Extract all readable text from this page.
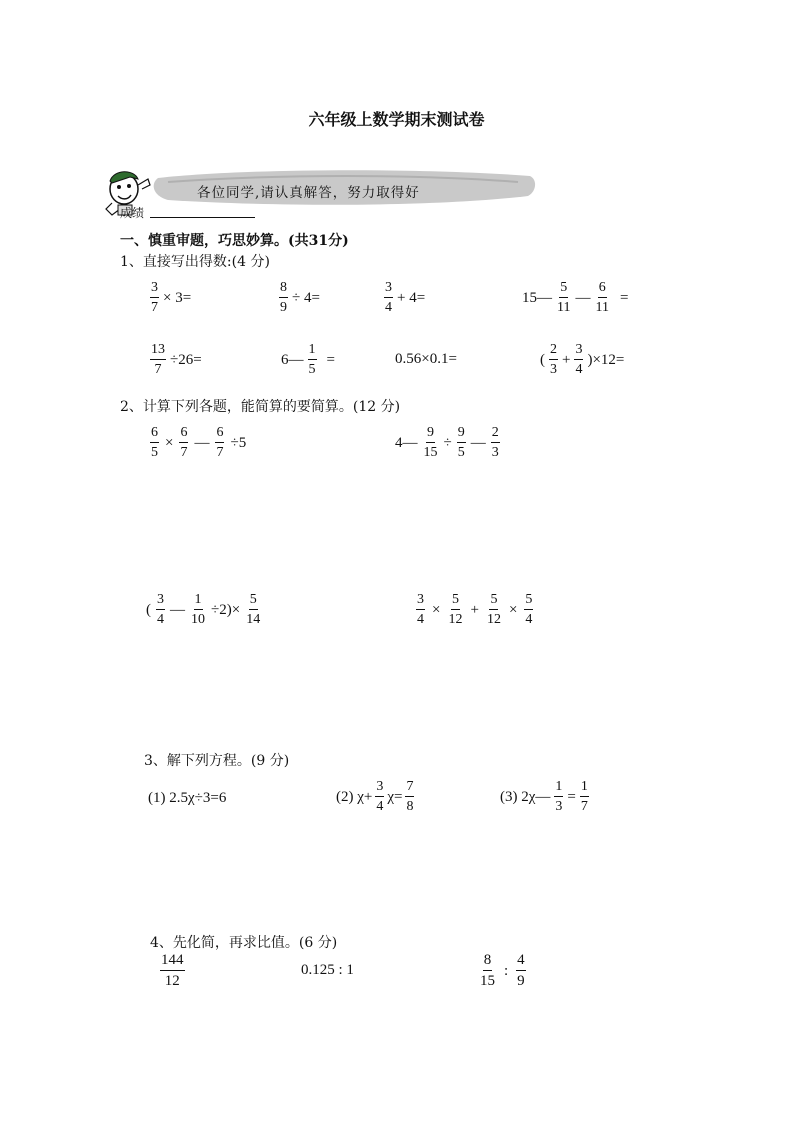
六年级上数学期末测试卷
各位同学,请认真解答，努力取得好
成绩
一、慎重审题，巧思妙算。(共31分)
1、直接写出得数:(4 分)
$\frac{3}{7} \times 3=$	$\frac{8}{9} \div 4=$	$\frac{3}{4} + 4=$	15— $\frac{5}{11}$ — $\frac{6}{11}$ =
$\frac{13}{7} \div 26=$	6— $\frac{1}{5}$ =	0.56×0.1=	( $\frac{2}{3} + \frac{3}{4} )\times 12=$
2、计算下列各题，能简算的要简算。(12 分)
$\frac{6}{5} \times \frac{6}{7}$ — $\frac{6}{7} \div 5$	4— $\frac{9}{15} \div \frac{9}{5}$ — $\frac{2}{3}$
( $\frac{3}{4}$ — $\frac{1}{10} \div 2)\times \frac{5}{14}$	$\frac{3}{4} \times \frac{5}{12} + \frac{5}{12} \times \frac{5}{4}$
3、解下列方程。(9 分)
(1) 2.5χ÷3=6	(2) $\chi+ \frac{3}{4} \chi= \frac{7}{8}$	(3) 2χ— $\frac{1}{3} = \frac{1}{7}$
4、先化简，再求比值。(6 分)
$\frac{144}{12}$	0.125 : 1	$\frac{8}{15}$ : $\frac{4}{9}$
